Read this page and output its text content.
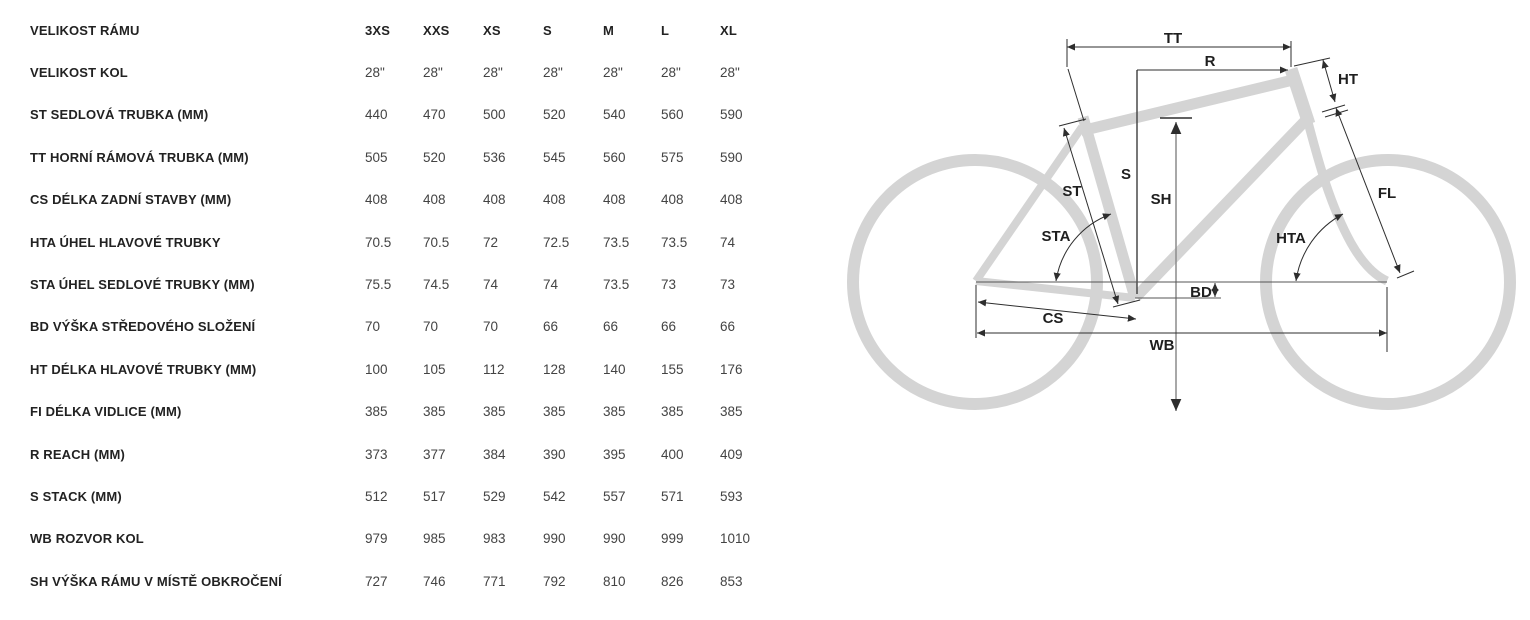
VELIKOST RÁMU	3XS	XXS	XS	S	M	L	XL
VELIKOST KOL	28"	28"	28"	28"	28"	28"	28"
ST SEDLOVÁ TRUBKA (MM)	440	470	500	520	540	560	590
TT HORNÍ RÁMOVÁ TRUBKA (MM)	505	520	536	545	560	575	590
CS DÉLKA ZADNÍ STAVBY (MM)	408	408	408	408	408	408	408
HTA ÚHEL HLAVOVÉ TRUBKY	70.5	70.5	72	72.5	73.5	73.5	74
STA ÚHEL SEDLOVÉ TRUBKY (MM)	75.5	74.5	74	74	73.5	73	73
BD VÝŠKA STŘEDOVÉHO SLOŽENÍ	70	70	70	66	66	66	66
HT DÉLKA HLAVOVÉ TRUBKY (MM)	100	105	112	128	140	155	176
FI DÉLKA VIDLICE (MM)	385	385	385	385	385	385	385
R REACH (MM)	373	377	384	390	395	400	409
S STACK (MM)	512	517	529	542	557	571	593
WB ROZVOR KOL	979	985	983	990	990	999	1010
SH VÝŠKA RÁMU V MÍSTĚ OBKROČENÍ	727	746	771	792	810	826	853
TT
R
HT
ST
S
SH
STA	HTA
FL
BD
CS
WB
